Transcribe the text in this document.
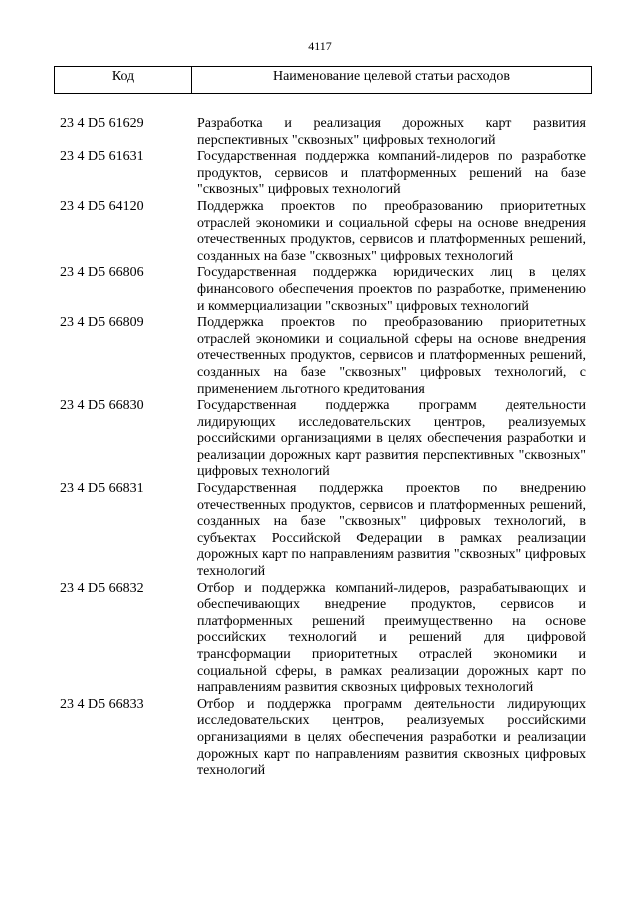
4117
Код	Наименование целевой статьи расходов
23 4 D5 61629	Разработка и реализация дорожных карт развития перспективных "сквозных" цифровых технологий
23 4 D5 61631	Государственная поддержка компаний-лидеров по разработке продуктов, сервисов и платформенных решений на базе "сквозных" цифровых технологий
23 4 D5 64120	Поддержка проектов по преобразованию приоритетных отраслей экономики и социальной сферы на основе внедрения отечественных продуктов, сервисов и платформенных решений, созданных на базе "сквозных" цифровых технологий
23 4 D5 66806	Государственная поддержка юридических лиц в целях финансового обеспечения проектов по разработке, применению и коммерциализации "сквозных" цифровых технологий
23 4 D5 66809	Поддержка проектов по преобразованию приоритетных отраслей экономики и социальной сферы на основе внедрения отечественных продуктов, сервисов и платформенных решений, созданных на базе "сквозных" цифровых технологий, с применением льготного кредитования
23 4 D5 66830	Государственная поддержка программ деятельности лидирующих исследовательских центров, реализуемых российскими организациями в целях обеспечения разработки и реализации дорожных карт развития перспективных "сквозных" цифровых технологий
23 4 D5 66831	Государственная поддержка проектов по внедрению отечественных продуктов, сервисов и платформенных решений, созданных на базе "сквозных" цифровых технологий, в субъектах Российской Федерации в рамках реализации дорожных карт по направлениям развития "сквозных" цифровых технологий
23 4 D5 66832	Отбор и поддержка компаний-лидеров, разрабатывающих и обеспечивающих внедрение продуктов, сервисов и платформенных решений преимущественно на основе российских технологий и решений для цифровой трансформации приоритетных отраслей экономики и социальной сферы, в рамках реализации дорожных карт по направлениям развития сквозных цифровых технологий
23 4 D5 66833	Отбор и поддержка программ деятельности лидирующих исследовательских центров, реализуемых российскими организациями в целях обеспечения разработки и реализации дорожных карт по направлениям развития сквозных цифровых технологий
